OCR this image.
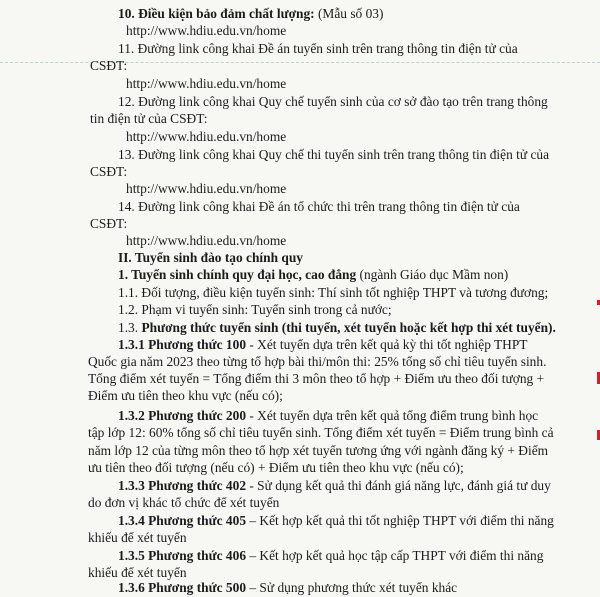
10. Điều kiện bảo đảm chất lượng: (Mẫu số 03)
http://www.hdiu.edu.vn/home
11. Đường link công khai Đề án tuyển sinh trên trang thông tin điện tử của
CSĐT:
http://www.hdiu.edu.vn/home
12. Đường link công khai Quy chế tuyển sinh của cơ sở đào tạo trên trang thông
tin điện tử của CSĐT:
http://www.hdiu.edu.vn/home
13. Đường link công khai Quy chế thi tuyển sinh trên trang thông tin điện tử của
CSĐT:
http://www.hdiu.edu.vn/home
14. Đường link công khai Đề án tổ chức thi trên trang thông tin điện tử của
CSĐT:
http://www.hdiu.edu.vn/home
II. Tuyển sinh đào tạo chính quy
1. Tuyển sinh chính quy đại học, cao đẳng (ngành Giáo dục Mầm non)
1.1. Đối tượng, điều kiện tuyển sinh: Thí sinh tốt nghiệp THPT và tương đương;
1.2. Phạm vi tuyển sinh: Tuyển sinh trong cả nước;
1.3. Phương thức tuyển sinh (thi tuyển, xét tuyển hoặc kết hợp thi xét tuyển).
1.3.1 Phương thức 100 - Xét tuyển dựa trên kết quả kỳ thi tốt nghiệp THPT
Quốc gia năm 2023 theo từng tổ hợp bài thi/môn thi: 25% tổng số chỉ tiêu tuyển sinh.
Tổng điểm xét tuyển = Tổng điểm thi 3 môn theo tổ hợp + Điểm ưu theo đối tượng +
Điểm ưu tiên theo khu vực (nếu có);
1.3.2 Phương thức 200 - Xét tuyển dựa trên kết quả tổng điểm trung bình học
tập lớp 12: 60% tổng số chỉ tiêu tuyển sinh. Tổng điểm xét tuyển = Điểm trung bình cả
năm lớp 12 của từng môn theo tổ hợp xét tuyển tương ứng với ngành đăng ký + Điểm
ưu tiên theo đối tượng (nếu có) + Điểm ưu tiên theo khu vực (nếu có);
1.3.3 Phương thức 402 - Sử dụng kết quả thi đánh giá năng lực, đánh giá tư duy
do đơn vị khác tổ chức để xét tuyển
1.3.4 Phương thức 405 – Kết hợp kết quả thi tốt nghiệp THPT với điểm thi năng
khiếu để xét tuyển
1.3.5 Phương thức 406 – Kết hợp kết quả học tập cấp THPT với điểm thi năng
khiếu để xét tuyển
1.3.6 Phương thức 500 – Sử dụng phương thức xét tuyển khác
